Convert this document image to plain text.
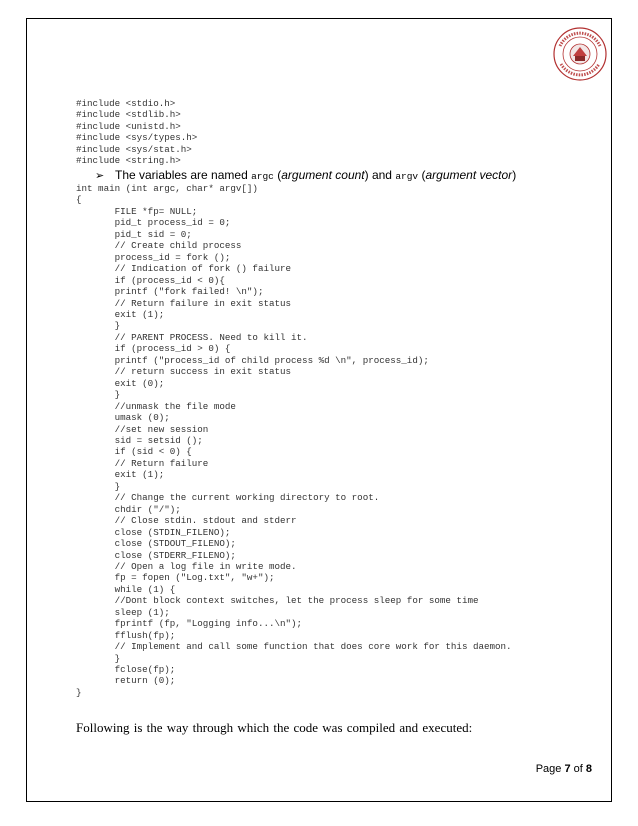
#include <stdio.h>
#include <stdlib.h>
#include <unistd.h>
#include <sys/types.h>
#include <sys/stat.h>
#include <string.h>
➢ The variables are named argc (argument count) and argv (argument vector)
int main (int argc, char* argv[])
{
FILE *fp= NULL;
pid_t process_id = 0;
pid_t sid = 0;
// Create child process
process_id = fork ();
// Indication of fork () failure
if (process_id < 0){
printf ("fork failed! \n");
// Return failure in exit status
exit (1);
}
// PARENT PROCESS. Need to kill it.
if (process_id > 0) {
printf ("process_id of child process %d \n", process_id);
// return success in exit status
exit (0);
}
//unmask the file mode
umask (0);
//set new session
sid = setsid ();
if (sid < 0) {
// Return failure
exit (1);
}
// Change the current working directory to root.
chdir ("/");
// Close stdin. stdout and stderr
close (STDIN_FILENO);
close (STDOUT_FILENO);
close (STDERR_FILENO);
// Open a log file in write mode.
fp = fopen ("Log.txt", "w+");
while (1) {
//Dont block context switches, let the process sleep for some time
sleep (1);
fprintf (fp, "Logging info...\n");
fflush(fp);
// Implement and call some function that does core work for this daemon.
}
fclose(fp);
return (0);
}
Following is the way through which the code was compiled and executed:
Page 7 of 8
